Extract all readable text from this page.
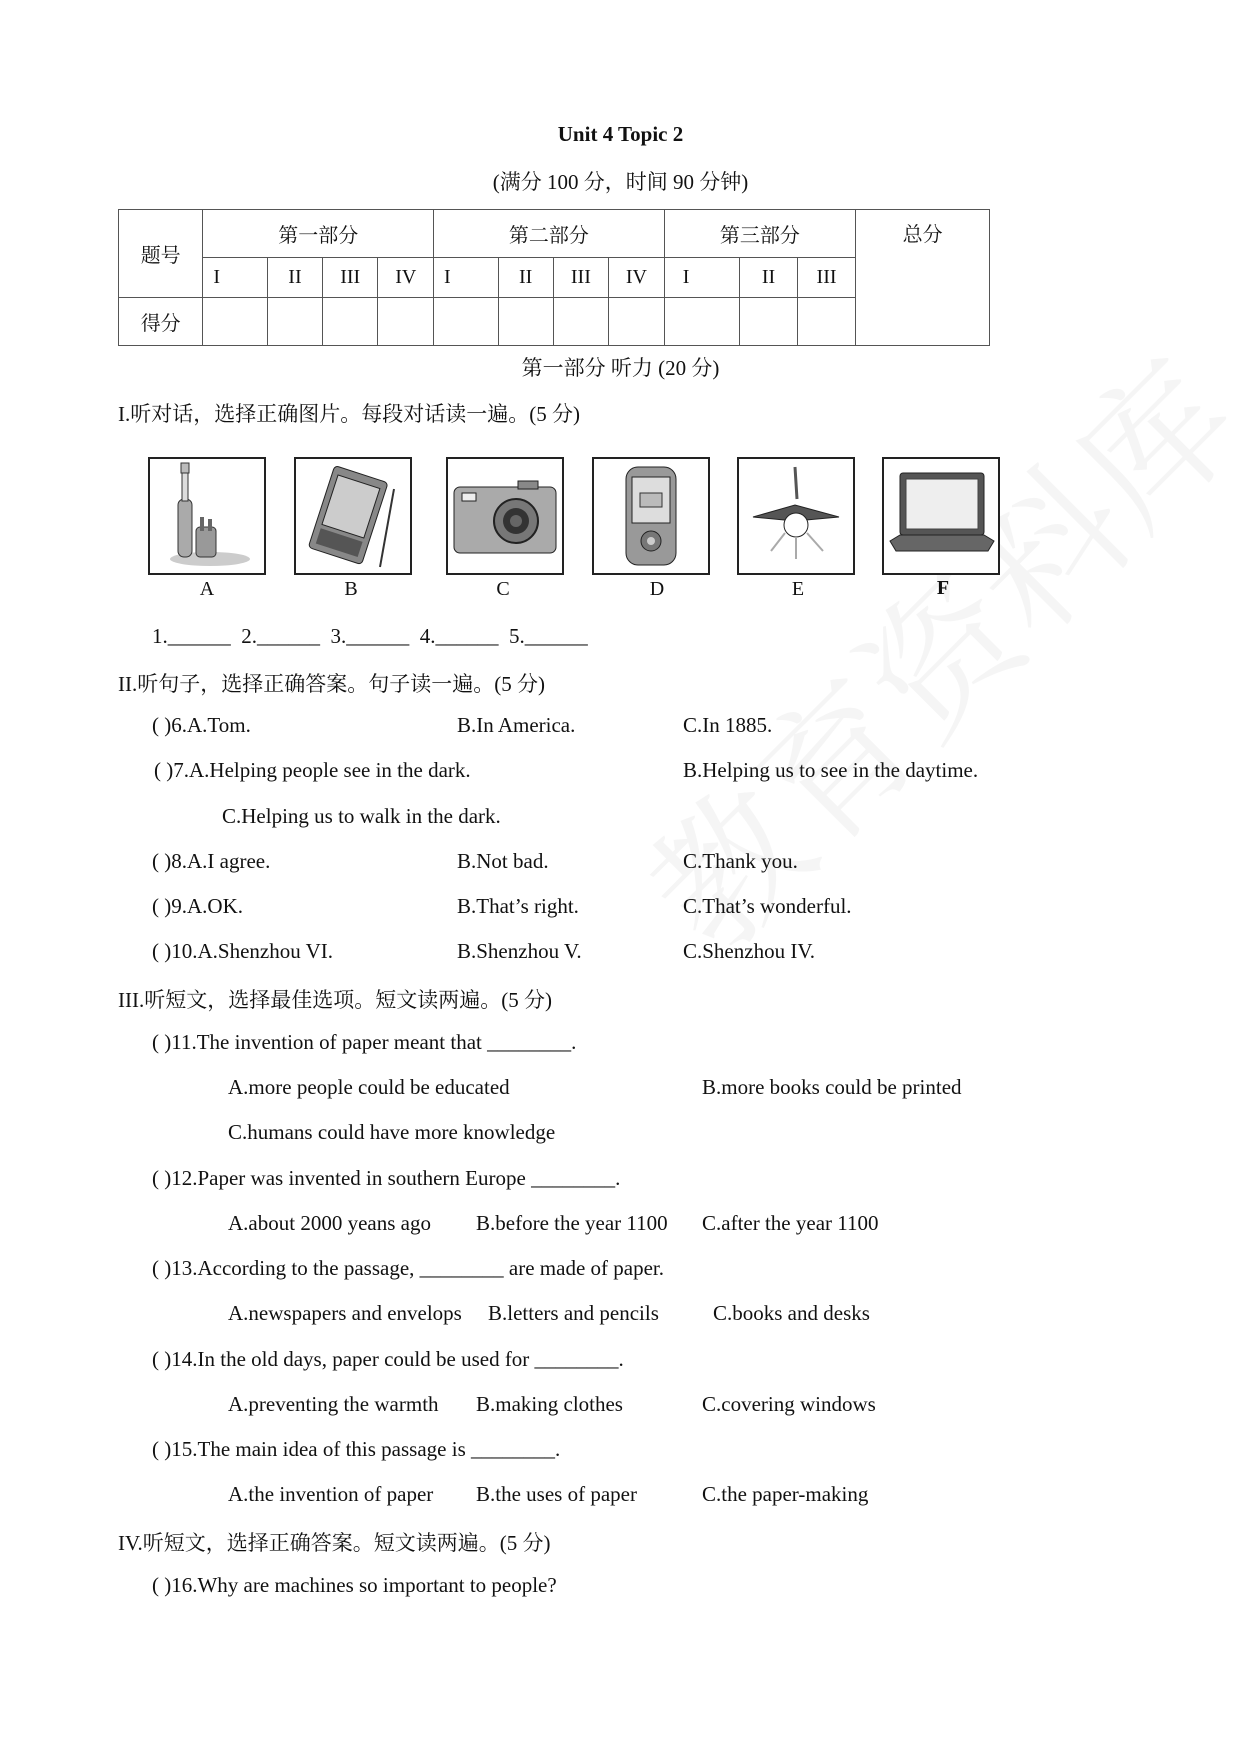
Unit 4 Topic 2
(满分 100 分，时间 90 分钟)
题号	第一部分				第二部分				第三部分			总分
	I	II	III	IV	I	II	III	IV	I	II	III	
得分												
第一部分 听力 (20 分)
I.听对话，选择正确图片。每段对话读一遍。(5 分)
A	B	C	D	E	F
1.______  2.______  3.______  4.______  5.______
II.听句子，选择正确答案。句子读一遍。(5 分)
( )6.A.Tom.	B.In America.	C.In 1885.
( )7.A.Helping people see in the dark.	B.Helping us to see in the daytime.
C.Helping us to walk in the dark.
( )8.A.I agree.	B.Not bad.	C.Thank you.
( )9.A.OK.	B.That’s right.	C.That’s wonderful.
( )10.A.Shenzhou VI.	B.Shenzhou V.	C.Shenzhou IV.
III.听短文，选择最佳选项。短文读两遍。(5 分)
( )11.The invention of paper meant that ________.
A.more people could be educated	B.more books could be printed
C.humans could have more knowledge
( )12.Paper was invented in southern Europe ________.
A.about 2000 yeans ago B.before the year 1100 C.after the year 1100
( )13.According to the passage, ________ are made of paper.
A.newspapers and envelops B.letters and pencils	C.books and desks
( )14.In the old days, paper could be used for ________.
A.preventing the warmth B.making clothes	C.covering windows
( )15.The main idea of this passage is ________.
A.the invention of paper B.the uses of paper	C.the paper-making
IV.听短文，选择正确答案。短文读两遍。(5 分)
( )16.Why are machines so important to people?
